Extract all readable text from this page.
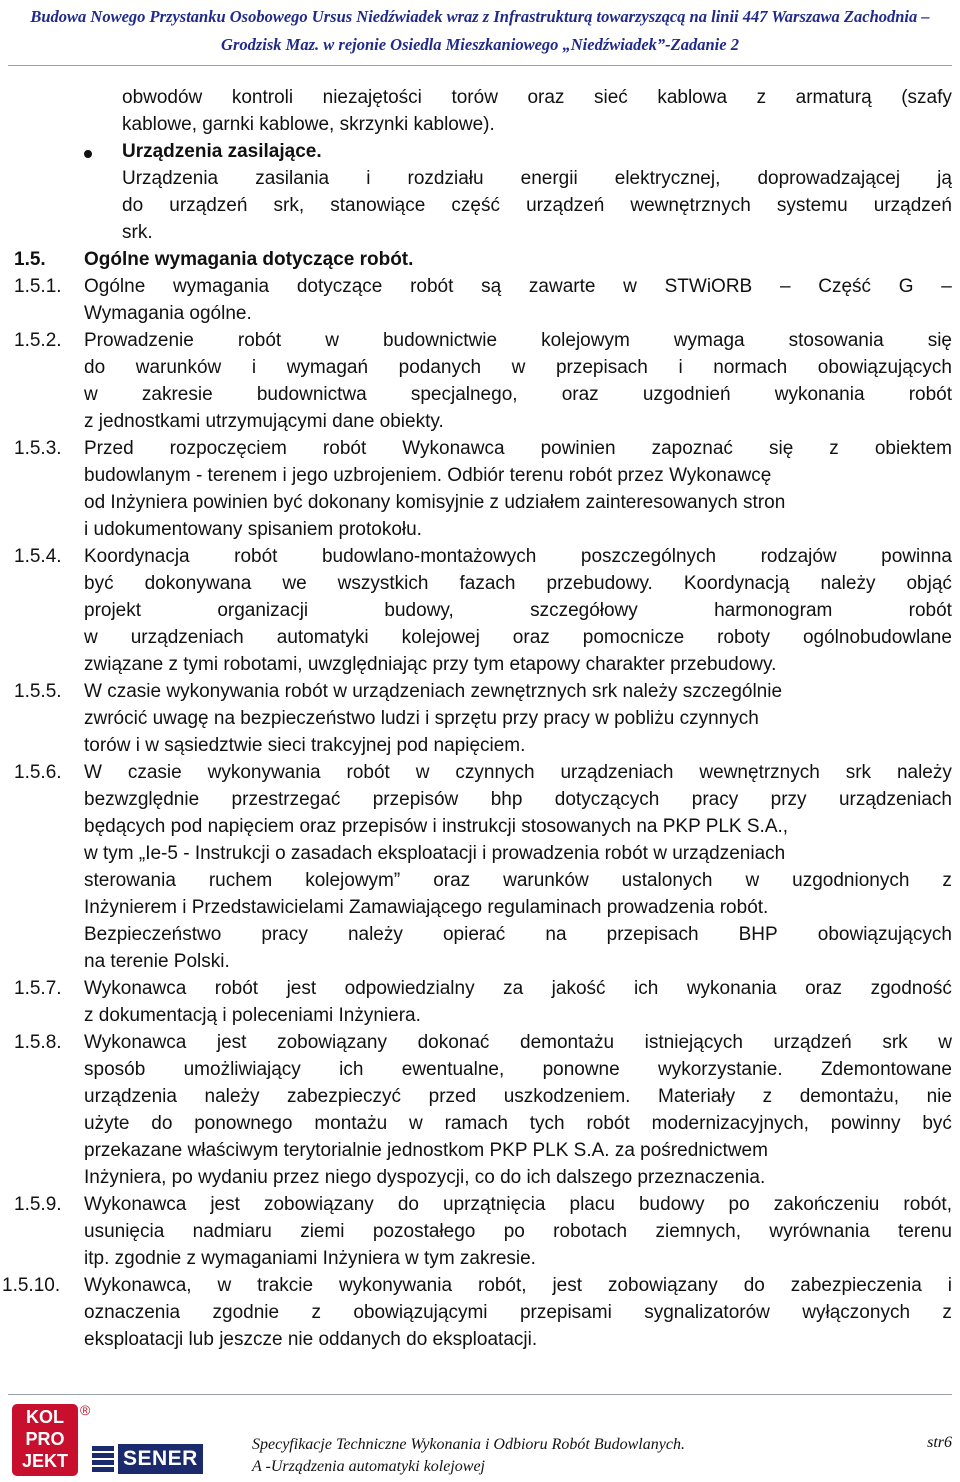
Budowa Nowego Przystanku Osobowego Ursus Niedźwiadek wraz z Infrastrukturą towarzyszącą na linii 447 Warszawa Zachodnia –
Grodzisk Maz. w rejonie Osiedla Mieszkaniowego „Niedźwiadek”-Zadanie 2
obwodów kontroli niezajętości torów oraz sieć kablowa z armaturą (szafy
kablowe, garnki kablowe, skrzynki kablowe).
Urządzenia zasilające.
Urządzenia zasilania i rozdziału energii elektrycznej, doprowadzającej ją
do urządzeń srk, stanowiące część urządzeń wewnętrznych systemu urządzeń
srk.
1.5. Ogólne wymagania dotyczące robót.
1.5.1. Ogólne wymagania dotyczące robót są zawarte w STWiORB – Część G –
Wymagania ogólne.
1.5.2. Prowadzenie robót w budownictwie kolejowym wymaga stosowania się
do warunków i wymagań podanych w przepisach i normach obowiązujących
w zakresie budownictwa specjalnego, oraz uzgodnień wykonania robót
z jednostkami utrzymującymi dane obiekty.
1.5.3. Przed rozpoczęciem robót Wykonawca powinien zapoznać się z obiektem
budowlanym - terenem i jego uzbrojeniem. Odbiór terenu robót przez Wykonawcę
od Inżyniera powinien być dokonany komisyjnie z udziałem zainteresowanych stron
i udokumentowany spisaniem protokołu.
1.5.4. Koordynacja robót budowlano-montażowych poszczególnych rodzajów powinna
być dokonywana we wszystkich fazach przebudowy. Koordynacją należy objąć
projekt	organizacji	budowy,	szczegółowy	harmonogram	robót
w urządzeniach automatyki kolejowej oraz pomocnicze roboty ogólnobudowlane
związane z tymi robotami, uwzględniając przy tym etapowy charakter przebudowy.
1.5.5. W czasie wykonywania robót w urządzeniach zewnętrznych srk należy szczególnie
zwrócić uwagę na bezpieczeństwo ludzi i sprzętu przy pracy w pobliżu czynnych
torów i w sąsiedztwie sieci trakcyjnej pod napięciem.
1.5.6. W czasie wykonywania robót w czynnych urządzeniach wewnętrznych srk należy
bezwzględnie przestrzegać przepisów bhp dotyczących pracy przy urządzeniach
będących pod napięciem oraz przepisów i instrukcji stosowanych na PKP PLK S.A.,
w tym „Ie-5 - Instrukcji o zasadach eksploatacji i prowadzenia robót w urządzeniach
sterowania ruchem kolejowym” oraz warunków ustalonych w uzgodnionych z
Inżynierem i Przedstawicielami Zamawiającego regulaminach prowadzenia robót.
Bezpieczeństwo pracy należy opierać na przepisach BHP obowiązujących
na terenie Polski.
1.5.7. Wykonawca robót jest odpowiedzialny za jakość ich wykonania oraz zgodność
z dokumentacją i poleceniami Inżyniera.
1.5.8. Wykonawca jest zobowiązany dokonać demontażu istniejących urządzeń srk w
sposób umożliwiający ich ewentualne, ponowne wykorzystanie. Zdemontowane
urządzenia należy zabezpieczyć przed uszkodzeniem. Materiały z demontażu, nie
użyte do ponownego montażu w ramach tych robót modernizacyjnych, powinny być
przekazane właściwym terytorialnie jednostkom PKP PLK S.A. za pośrednictwem
Inżyniera, po wydaniu przez niego dyspozycji, co do ich dalszego przeznaczenia.
1.5.9. Wykonawca jest zobowiązany do uprzątnięcia placu budowy po zakończeniu robót,
usunięcia nadmiaru ziemi pozostałego po robotach ziemnych, wyrównania terenu
itp. zgodnie z wymaganiami Inżyniera w tym zakresie.
1.5.10. Wykonawca, w trakcie wykonywania robót, jest zobowiązany do zabezpieczenia i
oznaczenia zgodnie z obowiązującymi przepisami sygnalizatorów wyłączonych z
eksploatacji lub jeszcze nie oddanych do eksploatacji.
KOL
PRO
JEKT
®
SENER
Specyfikacje Techniczne Wykonania i Odbioru Robót Budowlanych.
A -Urządzenia automatyki kolejowej
str6
